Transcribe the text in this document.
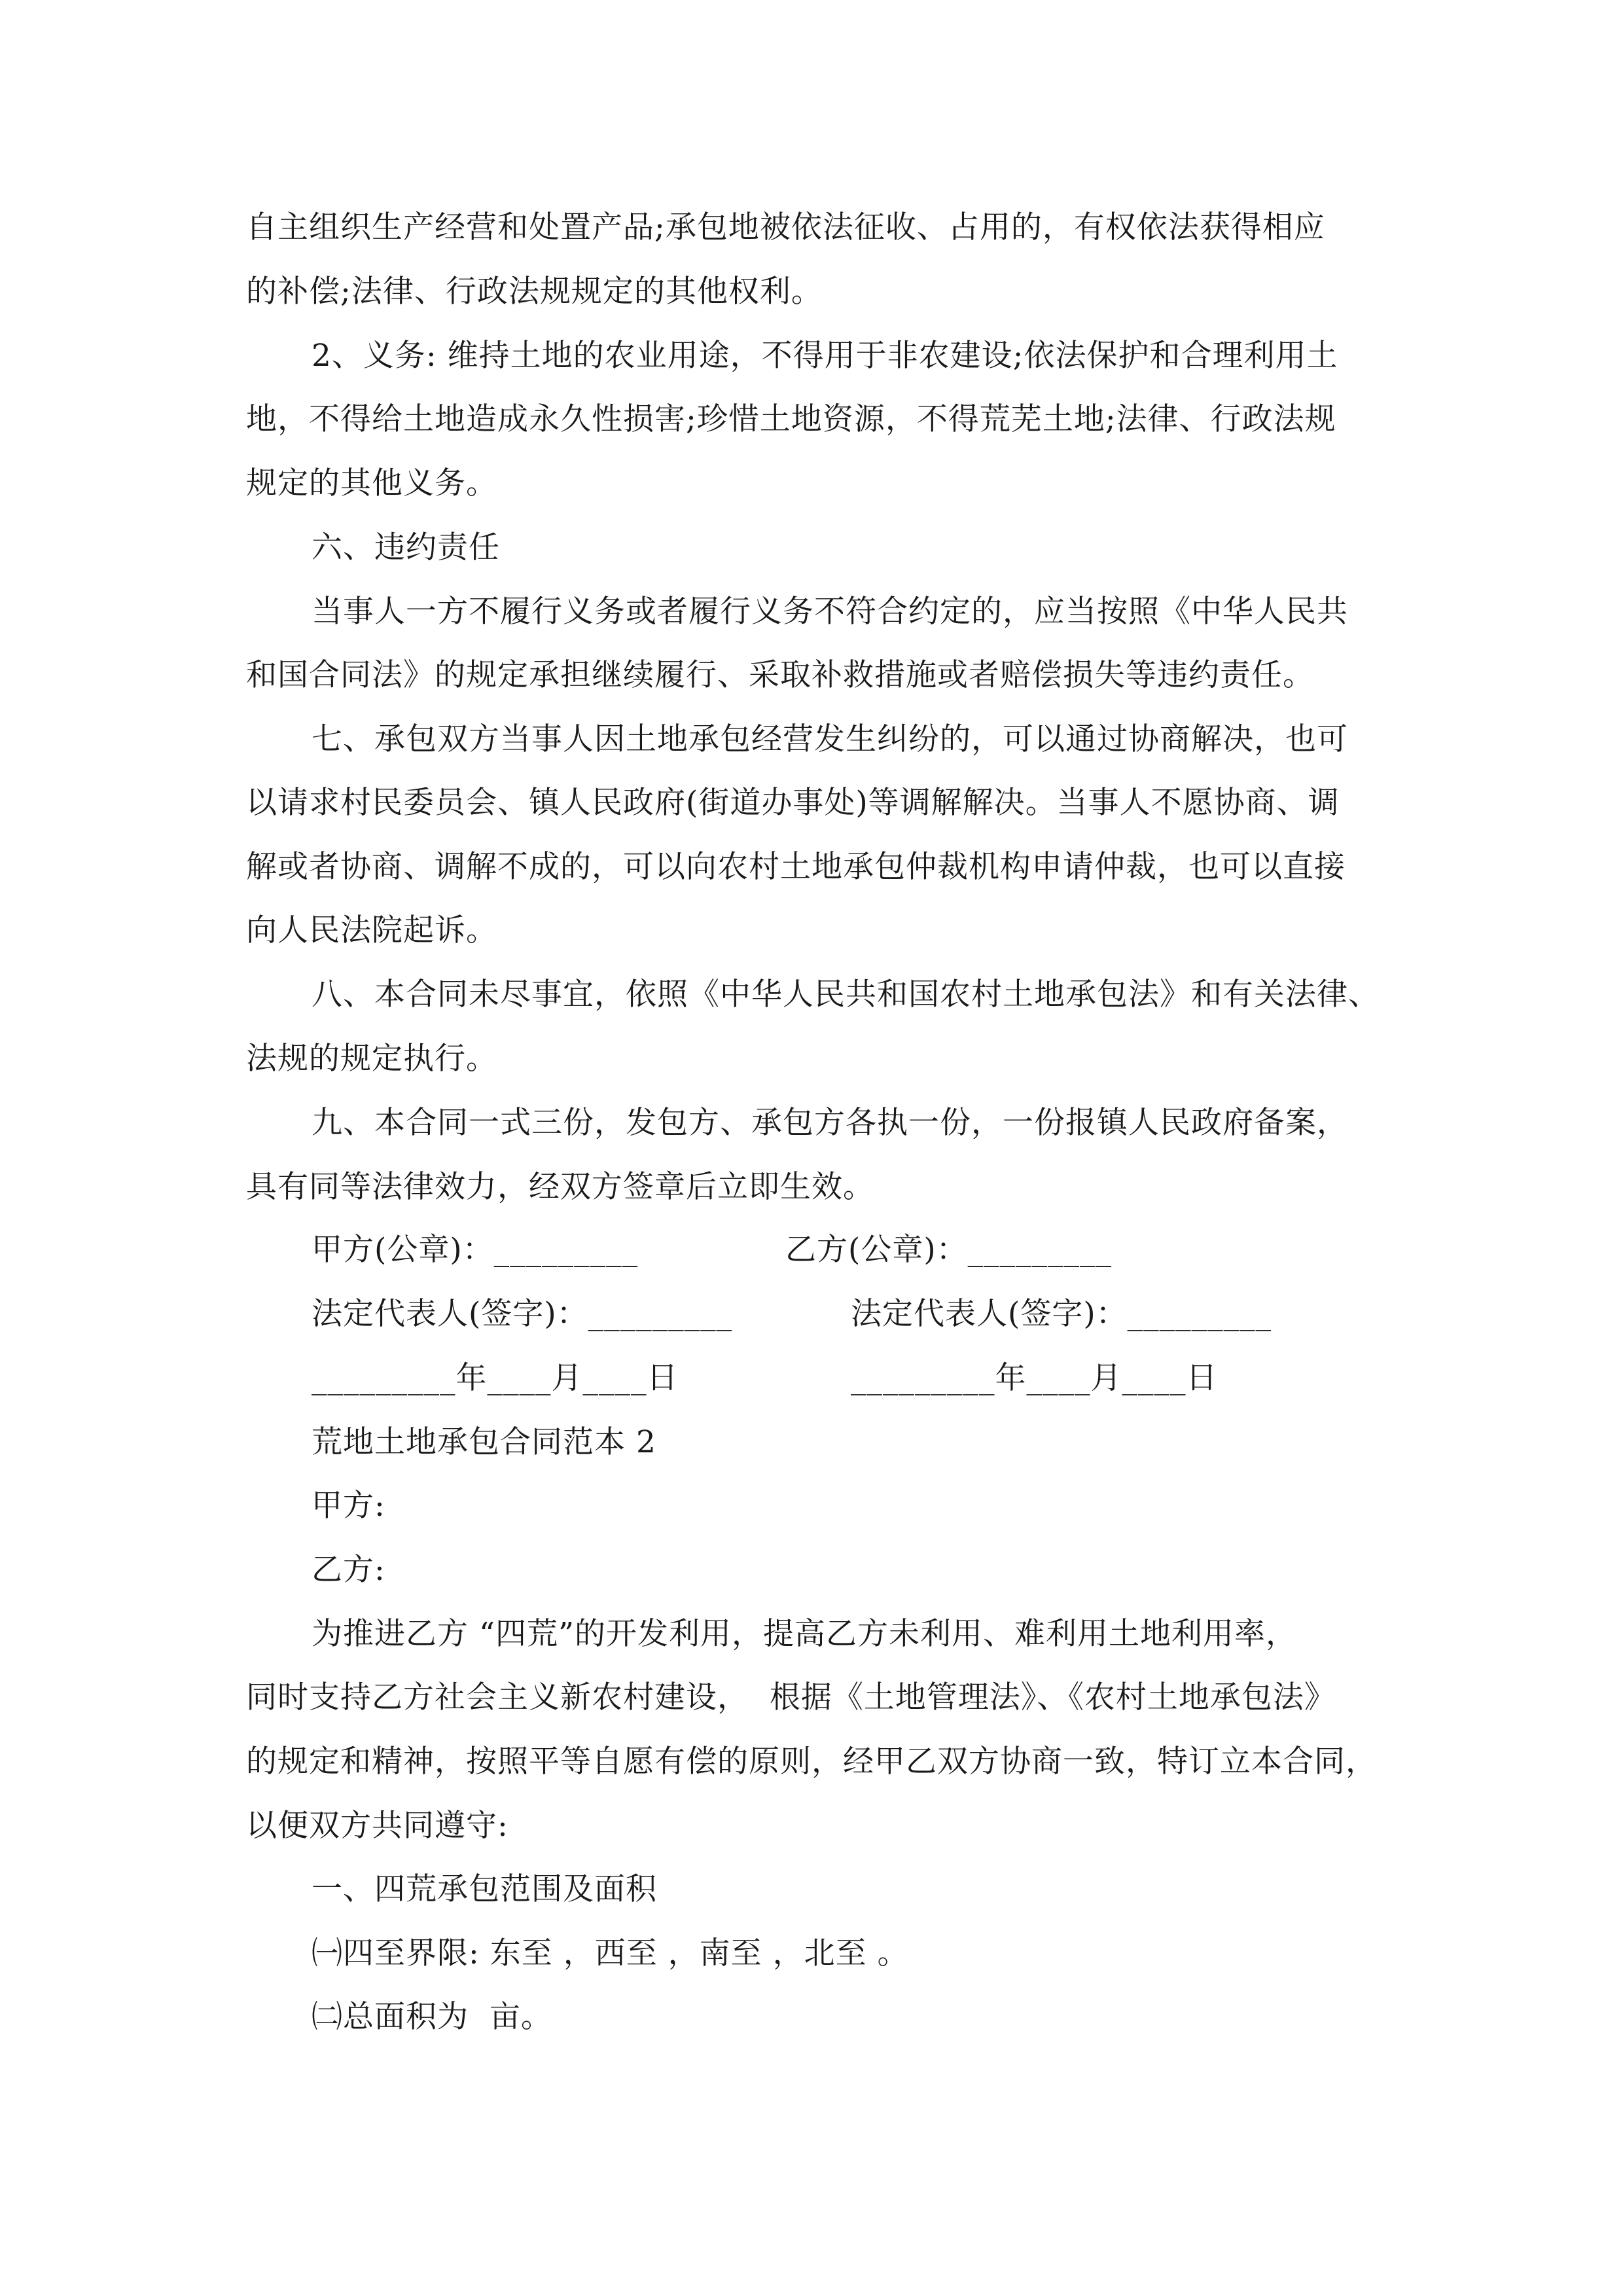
自主组织生产经营和处置产品;承包地被依法征收、占用的，有权依法获得相应
的补偿;法律、行政法规规定的其他权利。
2、义务: 维持土地的农业用途，不得用于非农建设;依法保护和合理利用土
地，不得给土地造成永久性损害;珍惜土地资源，不得荒芜土地;法律、行政法规
规定的其他义务。
六、违约责任
当事人一方不履行义务或者履行义务不符合约定的，应当按照《中华人民共
和国合同法》的规定承担继续履行、采取补救措施或者赔偿损失等违约责任。
七、承包双方当事人因土地承包经营发生纠纷的，可以通过协商解决，也可
以请求村民委员会、镇人民政府(街道办事处)等调解解决。当事人不愿协商、调
解或者协商、调解不成的，可以向农村土地承包仲裁机构申请仲裁，也可以直接
向人民法院起诉。
八、本合同未尽事宜，依照《中华人民共和国农村土地承包法》和有关法律、
法规的规定执行。
九、本合同一式三份，发包方、承包方各执一份，一份报镇人民政府备案，
具有同等法律效力，经双方签章后立即生效。
甲方(公章)：_________	乙方(公章)：_________
法定代表人(签字)：_________	法定代表人(签字)：_________
_________年____月____日	_________年____月____日
荒地土地承包合同范本 2
甲方:
乙方:
为推进乙方 “四荒”的开发利用，提高乙方未利用、难利用土地利用率，
同时支持乙方社会主义新农村建设，  根据《土地管理法》、《农村土地承包法》
的规定和精神，按照平等自愿有偿的原则，经甲乙双方协商一致，特订立本合同，
以便双方共同遵守:
一、四荒承包范围及面积
㈠四至界限: 东至 ，西至 ，南至 ，北至 。
㈡总面积为  亩。
